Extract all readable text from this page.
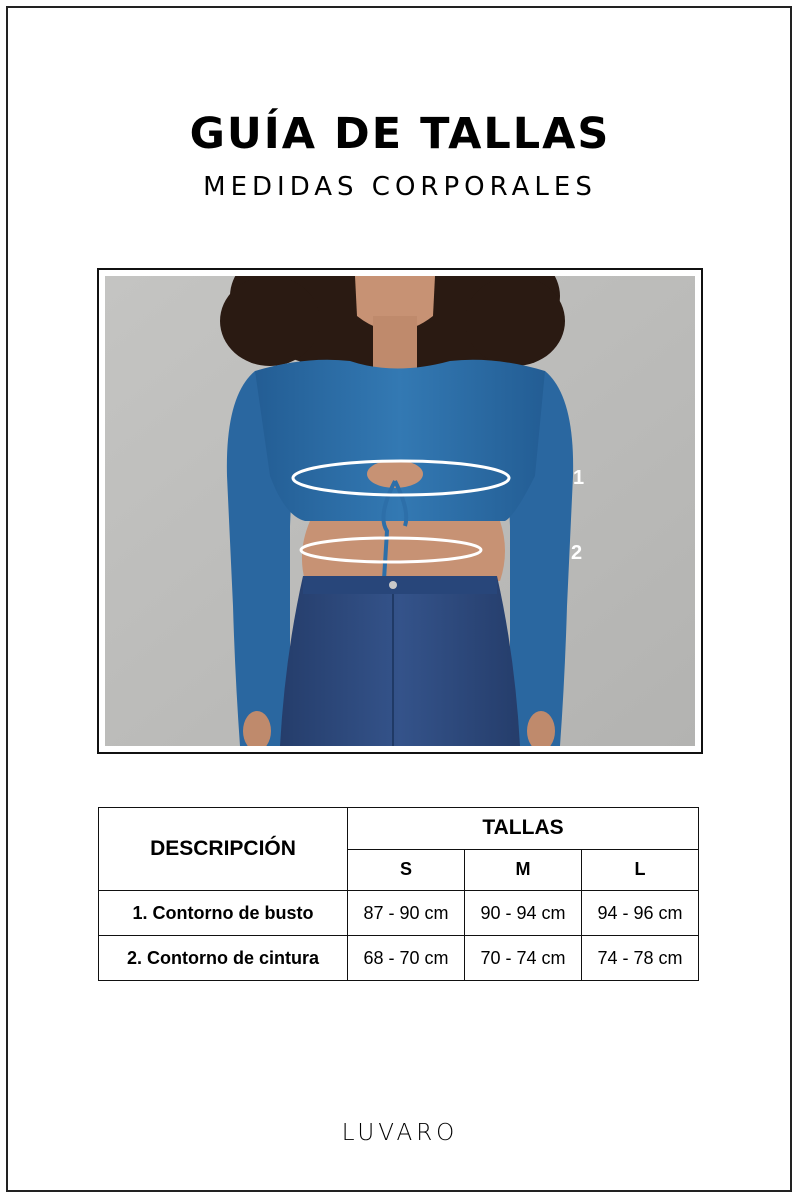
GUÍA DE TALLAS
MEDIDAS CORPORALES
1
2
DESCRIPCIÓN	TALLAS		
	S	M	L
1. Contorno de busto	87 - 90 cm	90 - 94 cm	94 - 96 cm
2. Contorno de cintura	68 - 70 cm	70 - 74 cm	74 - 78 cm
LUVARO
